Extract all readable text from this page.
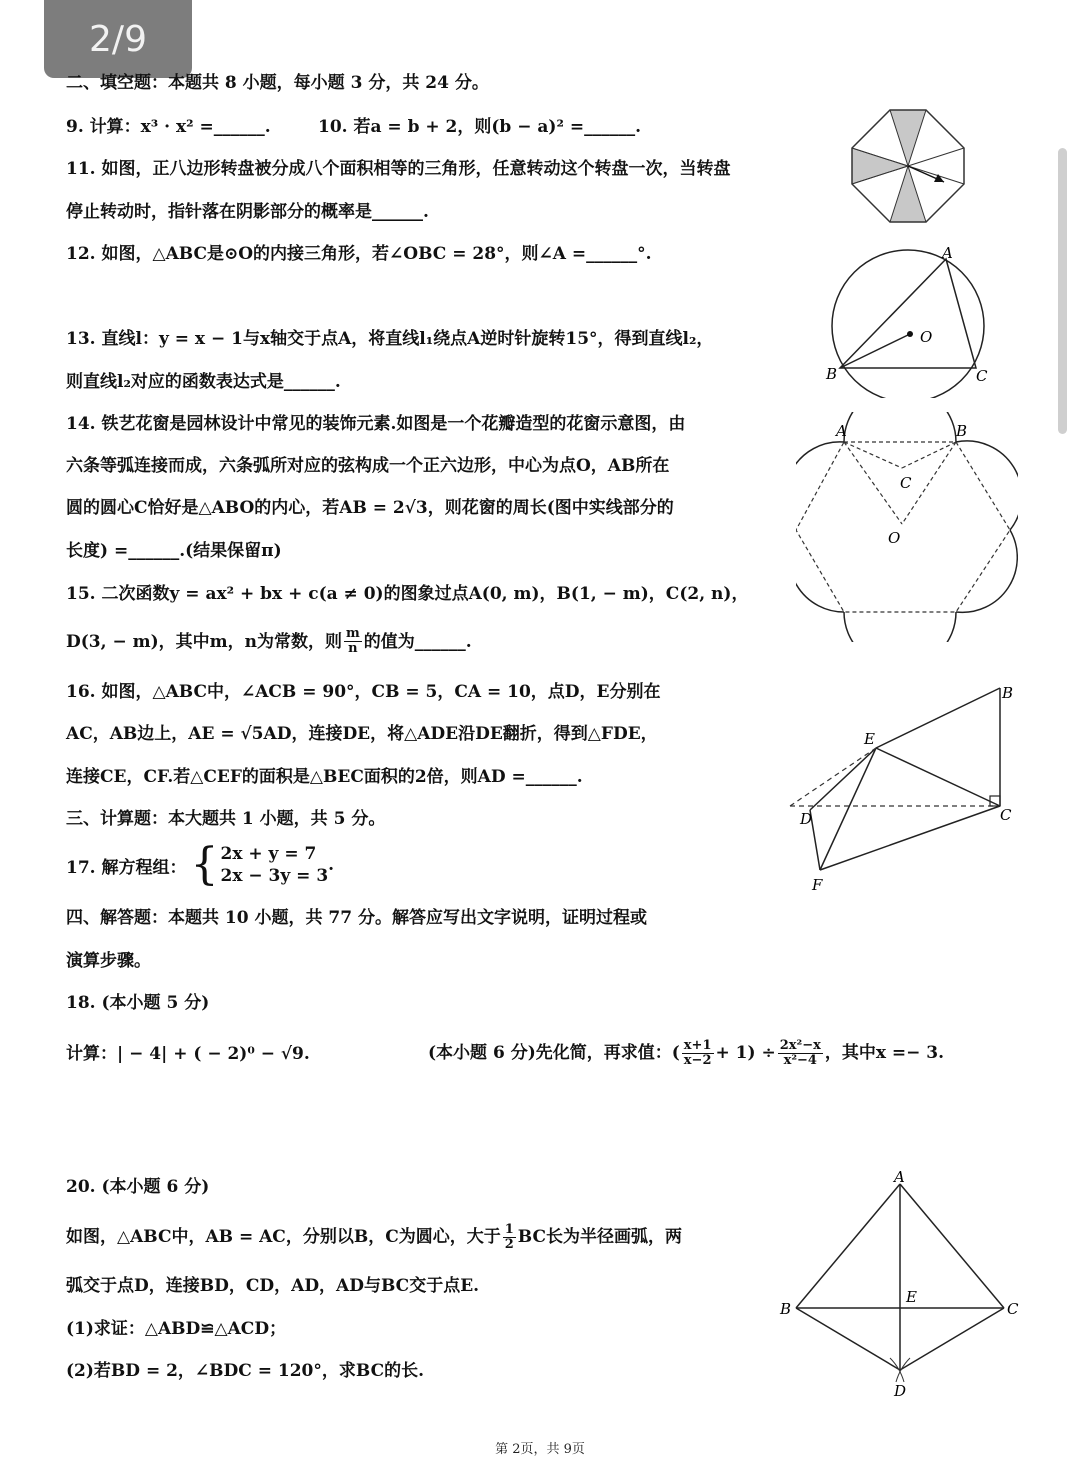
2/9
二、填空题：本题共 8 小题，每小题 3 分，共 24 分。
9. 计算：x³ · x² =______.	10. 若a = b + 2，则(b − a)² =______.
11. 如图，正八边形转盘被分成八个面积相等的三角形，任意转动这个转盘一次，当转盘
停止转动时，指针落在阴影部分的概率是______.
12. 如图，△ABC是⊙O的内接三角形，若∠OBC = 28°，则∠A =______°.
13. 直线l：y = x − 1与x轴交于点A，将直线l₁绕点A逆时针旋转15°，得到直线l₂，
则直线l₂对应的函数表达式是______.
14. 铁艺花窗是园林设计中常见的装饰元素.如图是一个花瓣造型的花窗示意图，由
六条等弧连接而成，六条弧所对应的弦构成一个正六边形，中心为点O，AB所在
圆的圆心C恰好是△ABO的内心，若AB = 2√3，则花窗的周长(图中实线部分的
长度) =______.(结果保留π)
15. 二次函数y = ax² + bx + c(a ≠ 0)的图象过点A(0, m)，B(1, − m)，C(2, n)，
D(3, − m)，其中m，n为常数，则 $\frac{m}{n}$ 的值为______.
16. 如图，△ABC中，∠ACB = 90°，CB = 5，CA = 10，点D，E分别在
AC，AB边上，AE = √5AD，连接DE，将△ADE沿DE翻折，得到△FDE，
连接CE，CF.若△CEF的面积是△BEC面积的2倍，则AD =______.
三、计算题：本大题共 1 小题，共 5 分。
17. 解方程组： { 2x + y = 7
2x − 3y = 3
.
四、解答题：本题共 10 小题，共 77 分。解答应写出文字说明，证明过程或
演算步骤。
18. (本小题 5 分)
计算：| − 4| + ( − 2)⁰ − √9.	(本小题 6 分)先化简，再求值：( $\frac{x+1}{x-2} + 1) \div \frac{\text{2x²−x}}{\text{x²−4}}$ ，其中x =− 3.
20. (本小题 6 分)
如图，△ABC中，AB = AC，分别以B，C为圆心，大于 $\frac{1}{2}$ BC长为半径画弧，两
弧交于点D，连接BD，CD，AD，AD与BC交于点E.
(1)求证：△ABD≌△ACD；
(2)若BD = 2，∠BDC = 120°，求BC的长.
A
O
B	C
A	B
C
O
B
E
C
D
F
A
B	C
E
D
第 2页，共 9页
